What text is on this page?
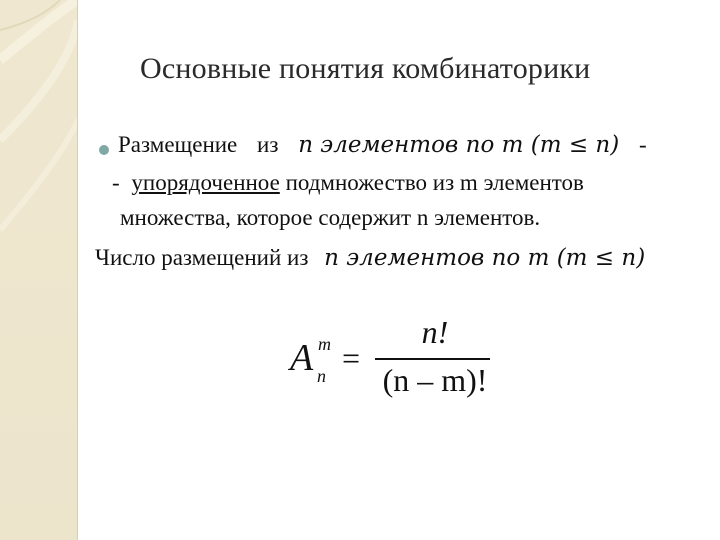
Основные понятия комбинаторики
Размещение из n элементов по m (m ≤ n) -
- упорядоченное подмножество из m элементов
множества, которое содержит n элементов.
Число размещений из n элементов по m (m ≤ n)
A m
n =
n!
(n – m)!
